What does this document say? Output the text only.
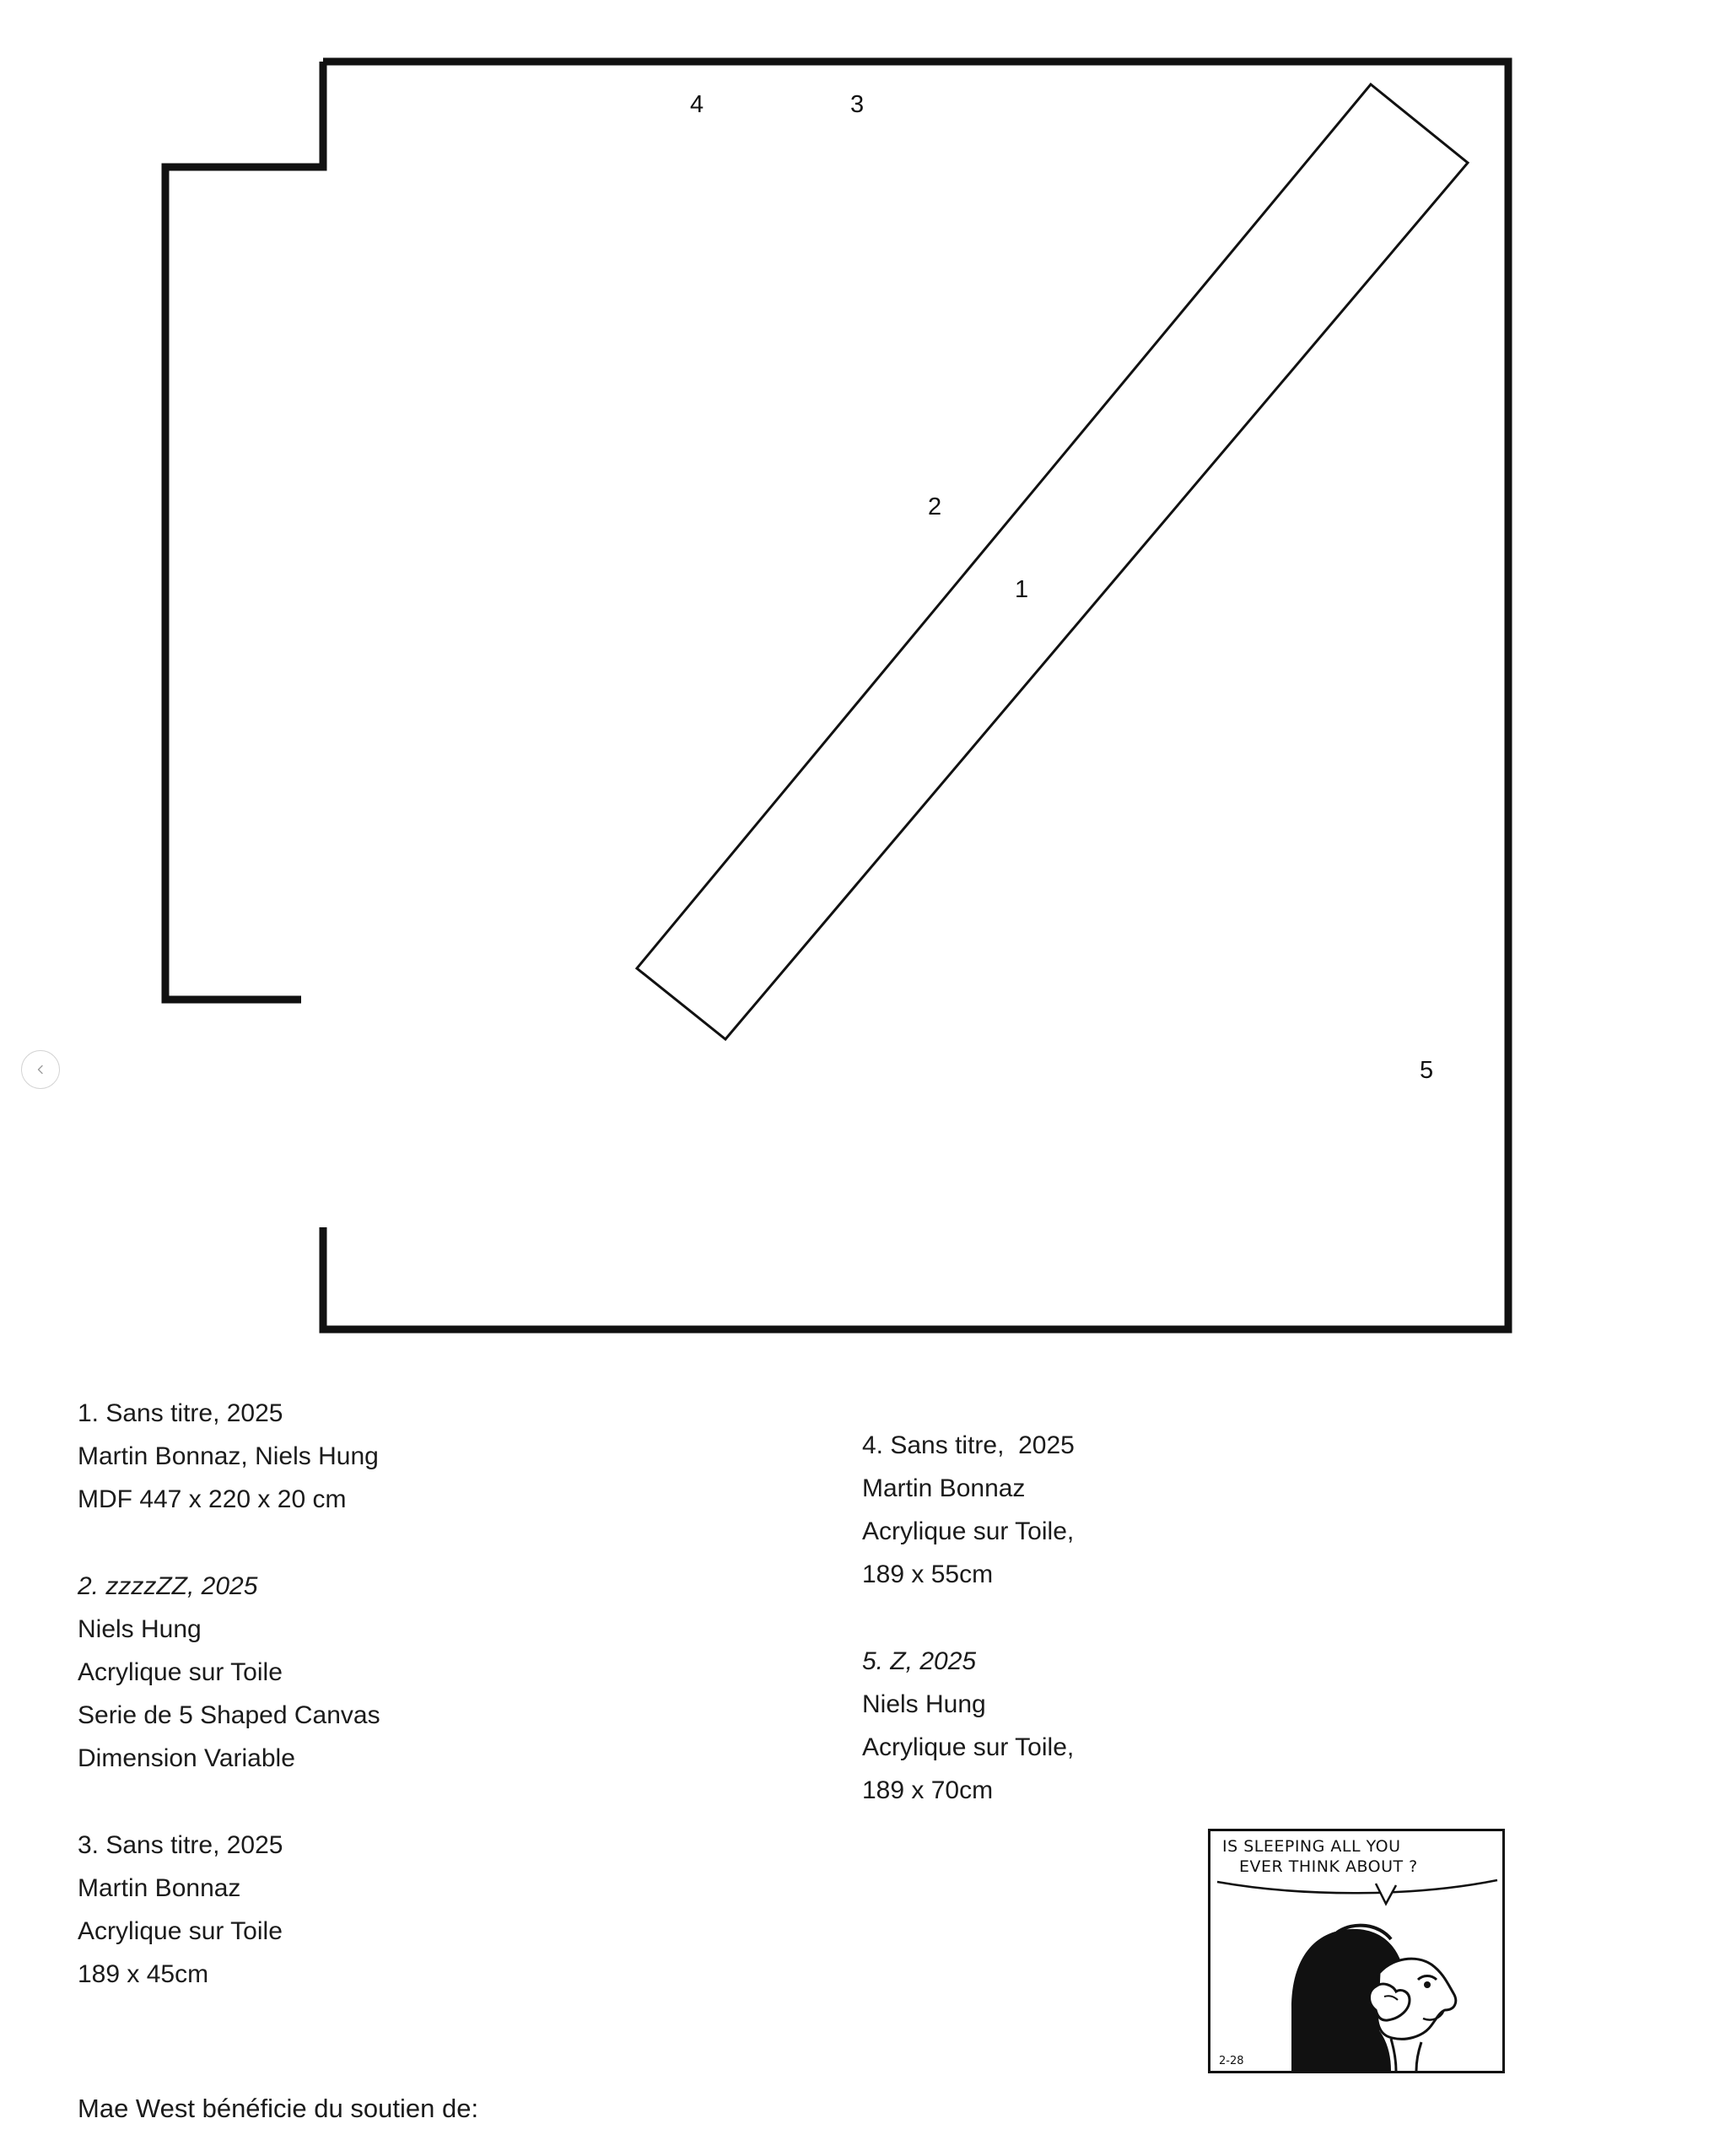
4	3
2
1
5
1. Sans titre, 2025
Martin Bonnaz, Niels Hung
MDF 447 x 220 x 20 cm
2. zzzzZZ, 2025
Niels Hung
Acrylique sur Toile
Serie de 5 Shaped Canvas
Dimension Variable
3. Sans titre, 2025
Martin Bonnaz
Acrylique sur Toile
189 x 45cm
4. Sans titre,  2025
Martin Bonnaz
Acrylique sur Toile,
189 x 55cm
5. Z, 2025
Niels Hung
Acrylique sur Toile,
189 x 70cm
IS SLEEPING ALL YOU
EVER THINK ABOUT ?
2-28
Mae West bénéficie du soutien de:
